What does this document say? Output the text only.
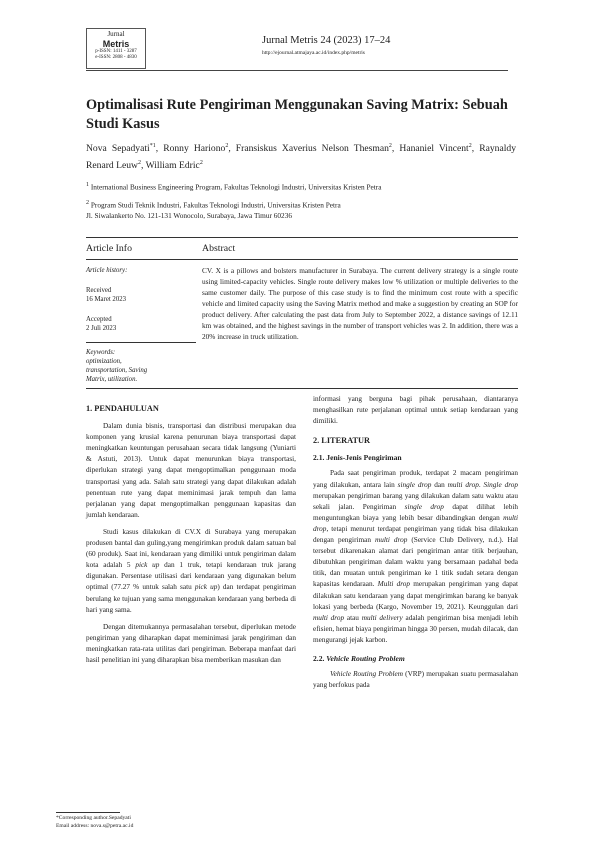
Jurnal
Metris
p-ISSN: 1411 - 3287
e-ISSN: 2808 - 4830
Jurnal Metris 24 (2023) 17–24
http://ejournal.atmajaya.ac.id/index.php/metris
Optimalisasi Rute Pengiriman Menggunakan Saving Matrix: Sebuah Studi Kasus
Nova Sepadyati$^{*1}$, Ronny Hariono$^2$, Fransiskus Xaverius Nelson Thesman$^2$, Hananiel Vincent$^2$, Raynaldy Renard Leuw$^2$, William Edric$^2$
$^1$ International Business Engineering Program, Fakultas Teknologi Industri, Universitas Kristen Petra
$^2$ Program Studi Teknik Industri, Fakultas Teknologi Industri, Universitas Kristen Petra
Jl. Siwalankerto No. 121-131 Wonocolo, Surabaya, Jawa Timur 60236
Article Info	Abstract
Article history:
Received
16 Maret 2023
Accepted
2 Juli 2023
Keywords:
optimization,
transportation, Saving
Matrix, utilization.
CV. X is a pillows and bolsters manufacturer in Surabaya. The current delivery strategy is a single route using limited-capacity vehicles. Single route delivery makes low % utilization or multiple deliveries to the same customer daily. The purpose of this case study is to find the minimum cost route with a specific vehicle and limited capacity using the Saving Matrix method and make a suggestion by creating an SOP for product delivery. After calculating the past data from July to September 2022, a distance savings of 12.11 km was obtained, and the highest savings in the number of transport vehicles was 2. In addition, there was a 20% increase in truck utilization.

1. PENDAHULUAN

Dalam dunia bisnis, transportasi dan distribusi merupakan dua komponen yang krusial karena penurunan biaya transportasi dapat meningkatkan keuntungan perusahaan secara tidak langsung (Yuniarti & Astuti, 2013). Untuk dapat menurunkan biaya transportasi, diperlukan strategi yang dapat mengoptimalkan penggunaan moda transportasi yang ada. Salah satu strategi yang dapat dilakukan adalah penentuan rute yang dapat meminimasi jarak tempuh dan lama perjalanan yang dapat mengoptimalkan penggunaan kapasitas dan jumlah kendaraan.

Studi kasus dilakukan di CV.X di Surabaya yang merupakan produsen bantal dan guling,yang mengirimkan produk dalam satuan bal (60 produk). Saat ini, kendaraan yang dimiliki untuk pengiriman dalam kota adalah 5 pick up dan 1 truk, tetapi kendaraan truk jarang digunakan. Persentase utilisasi dari kendaraan yang digunakan belum optimal (77.27 % untuk salah satu pick up) dan terdapat pengiriman berulang ke tujuan yang sama menggunakan kendaraan yang berbeda di hari yang sama.

Dengan ditemukannya permasalahan tersebut, diperlukan metode pengiriman yang diharapkan dapat meminimasi jarak pengiriman dan meningkatkan rata-rata utilitas dari pengiriman. Beberapa manfaat dari hasil penelitian ini yang diharapkan bisa memberikan masukan dan

informasi yang berguna bagi pihak perusahaan, diantaranya menghasilkan rute perjalanan optimal untuk setiap kendaraan yang dimiliki.

2. LITERATUR

2.1. Jenis-Jenis Pengiriman

Pada saat pengiriman produk, terdapat 2 macam pengiriman yang dilakukan, antara lain single drop dan multi drop. Single drop merupakan pengiriman barang yang dilakukan dalam satu waktu atau sekali jalan. Pengiriman single drop dapat dilihat lebih menguntungkan biaya yang lebih besar dibandingkan dengan multi drop, tetapi menurut terdapat pengiriman yang tidak bisa dilakukan dengan pengiriman multi drop (Service Club Delivery, n.d.). Hal tersebut dikarenakan alamat dari pengiriman antar titik berjauhan, dibutuhkan pengiriman dalam waktu yang bersamaan padahal beda titik, dan muatan untuk pengiriman ke 1 titik sudah setara dengan kapasitas kendaraan. Multi drop merupakan pengiriman yang dapat dilakukan satu kendaraan yang dapat mengirimkan barang ke banyak lokasi yang berbeda (Kargo, November 19, 2021). Keunggulan dari multi drop atau multi delivery adalah pengiriman bisa menjadi lebih efisien, hemat biaya pengiriman hingga 30 persen, mudah dilacak, dan mengurangi jejak karbon.

2.2. Vehicle Routing Problem

Vehicle Routing Problem (VRP) merupakan suatu permasalahan yang berfokus pada

*Corresponding author.Sepadyati
Email address: nova.s@petra.ac.id
